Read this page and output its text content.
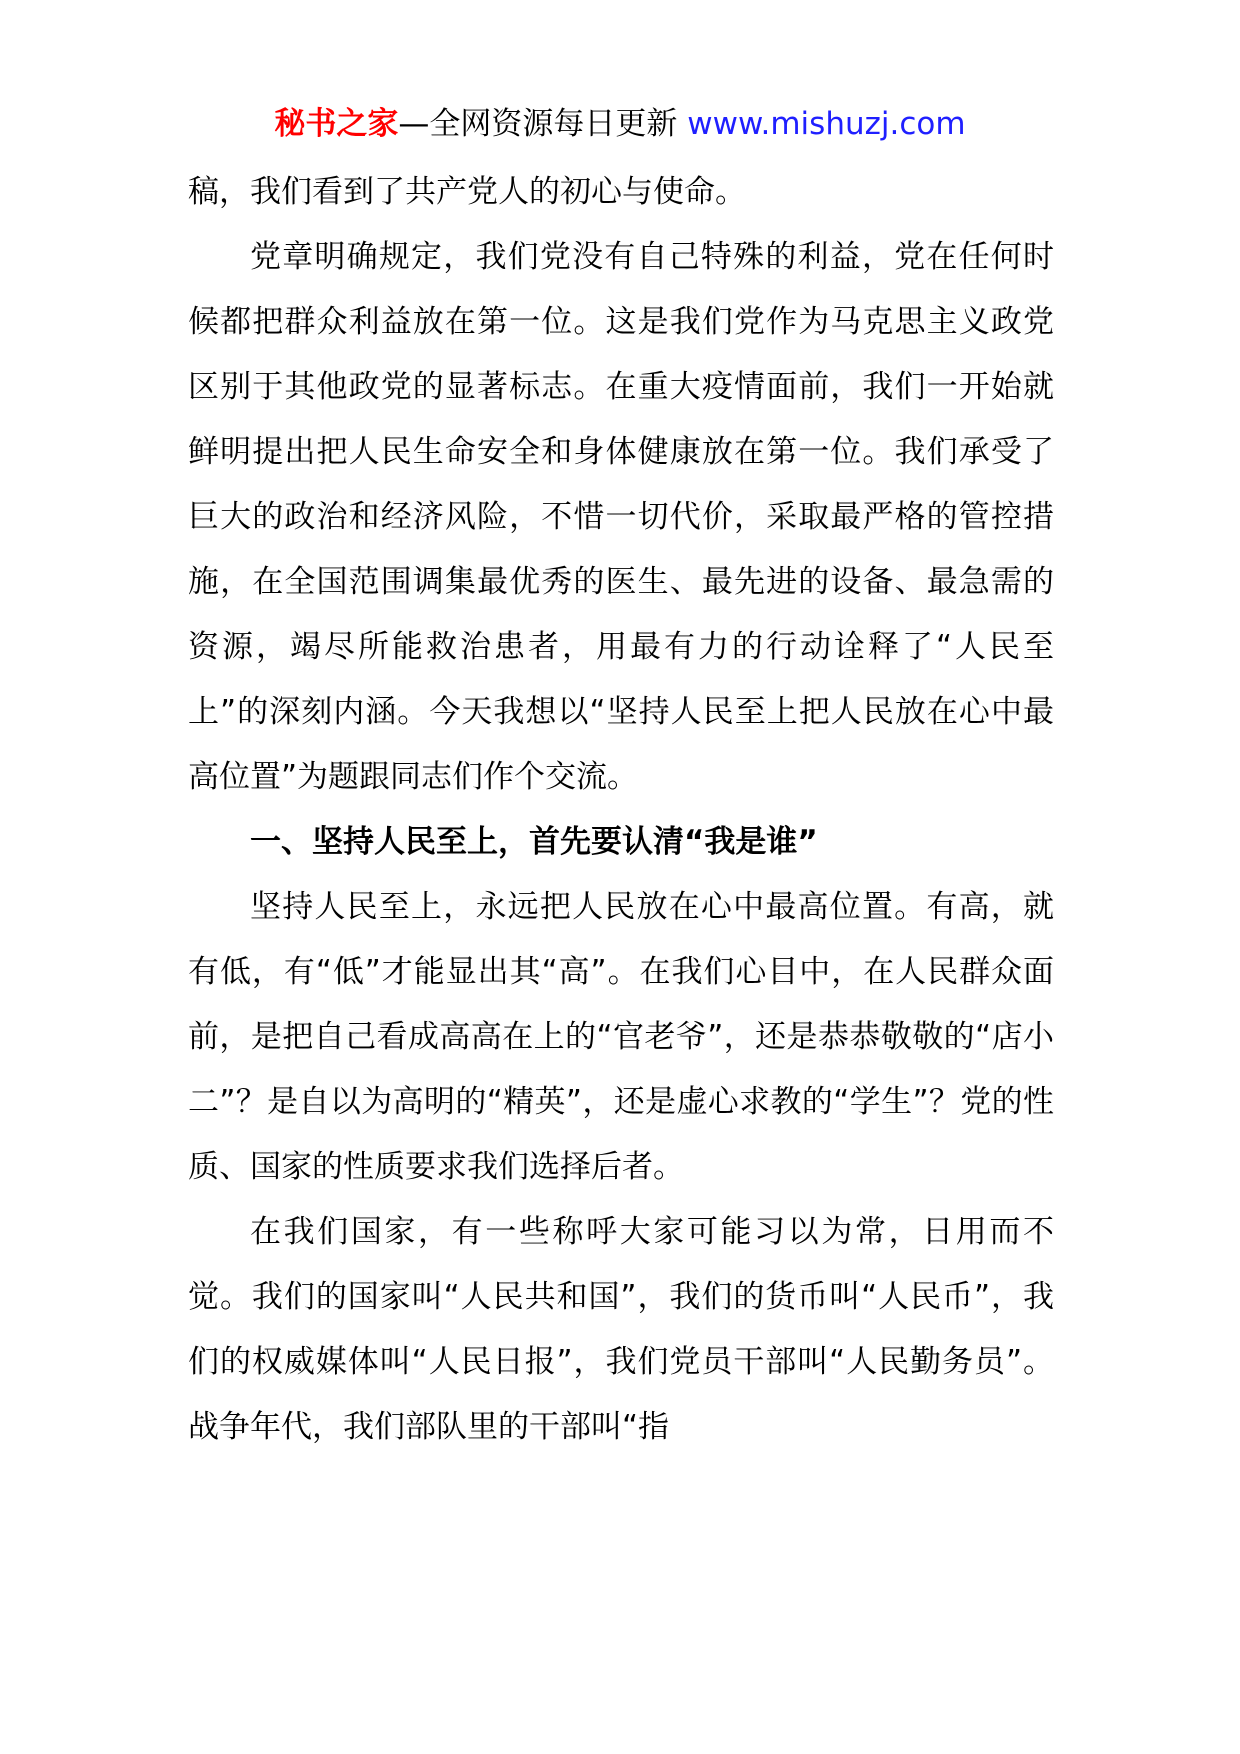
秘书之家—全网资源每日更新 www.mishuzj.com

稿，我们看到了共产党人的初心与使命。

党章明确规定，我们党没有自己特殊的利益，党在任何时候都把群众利益放在第一位。这是我们党作为马克思主义政党区别于其他政党的显著标志。在重大疫情面前，我们一开始就鲜明提出把人民生命安全和身体健康放在第一位。我们承受了巨大的政治和经济风险，不惜一切代价，采取最严格的管控措施，在全国范围调集最优秀的医生、最先进的设备、最急需的资源，竭尽所能救治患者，用最有力的行动诠释了“人民至上”的深刻内涵。今天我想以“坚持人民至上把人民放在心中最高位置”为题跟同志们作个交流。

一、坚持人民至上，首先要认清“我是谁”

坚持人民至上，永远把人民放在心中最高位置。有高，就有低，有“低”才能显出其“高”。在我们心目中，在人民群众面前，是把自己看成高高在上的“官老爷”，还是恭恭敬敬的“店小二”？是自以为高明的“精英”，还是虚心求教的“学生”？党的性质、国家的性质要求我们选择后者。

在我们国家，有一些称呼大家可能习以为常，日用而不觉。我们的国家叫“人民共和国”，我们的货币叫“人民币”，我们的权威媒体叫“人民日报”，我们党员干部叫“人民勤务员”。战争年代，我们部队里的干部叫“指
